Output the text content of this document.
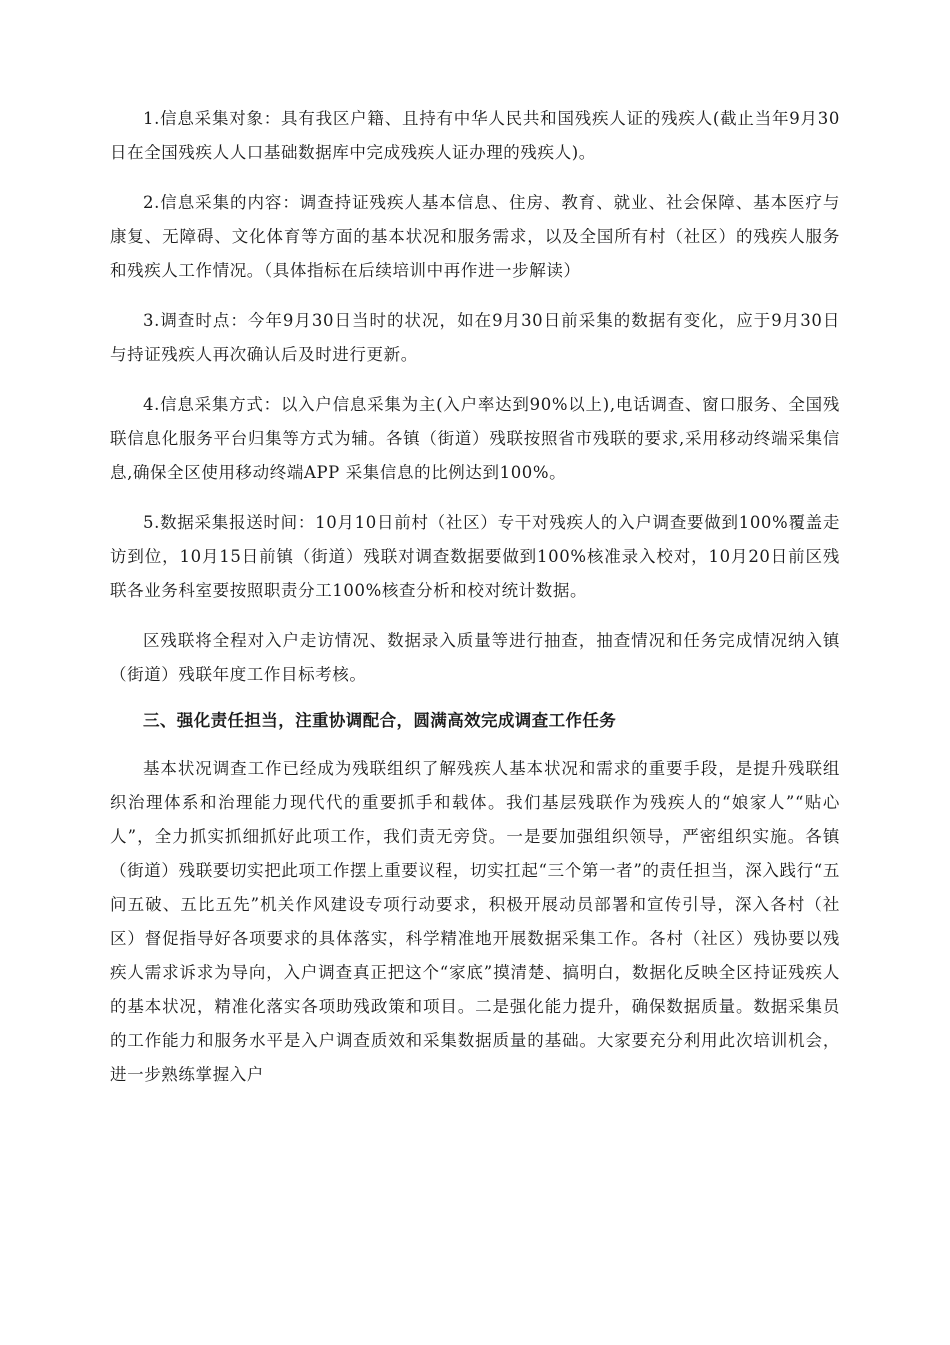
1.信息采集对象：具有我区户籍、且持有中华人民共和国残疾人证的残疾人(截止当年9月30日在全国残疾人人口基础数据库中完成残疾人证办理的残疾人)。

2.信息采集的内容：调查持证残疾人基本信息、住房、教育、就业、社会保障、基本医疗与康复、无障碍、文化体育等方面的基本状况和服务需求，以及全国所有村（社区）的残疾人服务和残疾人工作情况。（具体指标在后续培训中再作进一步解读）

3.调查时点：今年9月30日当时的状况，如在9月30日前采集的数据有变化，应于9月30日与持证残疾人再次确认后及时进行更新。

4.信息采集方式：以入户信息采集为主(入户率达到90%以上),电话调查、窗口服务、全国残联信息化服务平台归集等方式为辅。各镇（街道）残联按照省市残联的要求,采用移动终端采集信息,确保全区使用移动终端APP 采集信息的比例达到100%。

5.数据采集报送时间：10月10日前村（社区）专干对残疾人的入户调查要做到100%覆盖走访到位，10月15日前镇（街道）残联对调查数据要做到100%核准录入校对，10月20日前区残联各业务科室要按照职责分工100%核查分析和校对统计数据。

区残联将全程对入户走访情况、数据录入质量等进行抽查，抽查情况和任务完成情况纳入镇（街道）残联年度工作目标考核。

三、强化责任担当，注重协调配合，圆满高效完成调查工作任务

基本状况调查工作已经成为残联组织了解残疾人基本状况和需求的重要手段，是提升残联组织治理体系和治理能力现代代的重要抓手和载体。我们基层残联作为残疾人的“娘家人”“贴心人”，全力抓实抓细抓好此项工作，我们责无旁贷。一是要加强组织领导，严密组织实施。各镇（街道）残联要切实把此项工作摆上重要议程，切实扛起“三个第一者”的责任担当，深入践行“五问五破、五比五先”机关作风建设专项行动要求，积极开展动员部署和宣传引导，深入各村（社区）督促指导好各项要求的具体落实，科学精准地开展数据采集工作。各村（社区）残协要以残疾人需求诉求为导向，入户调查真正把这个“家底”摸清楚、搞明白，数据化反映全区持证残疾人的基本状况，精准化落实各项助残政策和项目。二是强化能力提升，确保数据质量。数据采集员的工作能力和服务水平是入户调查质效和采集数据质量的基础。大家要充分利用此次培训机会，进一步熟练掌握入户
